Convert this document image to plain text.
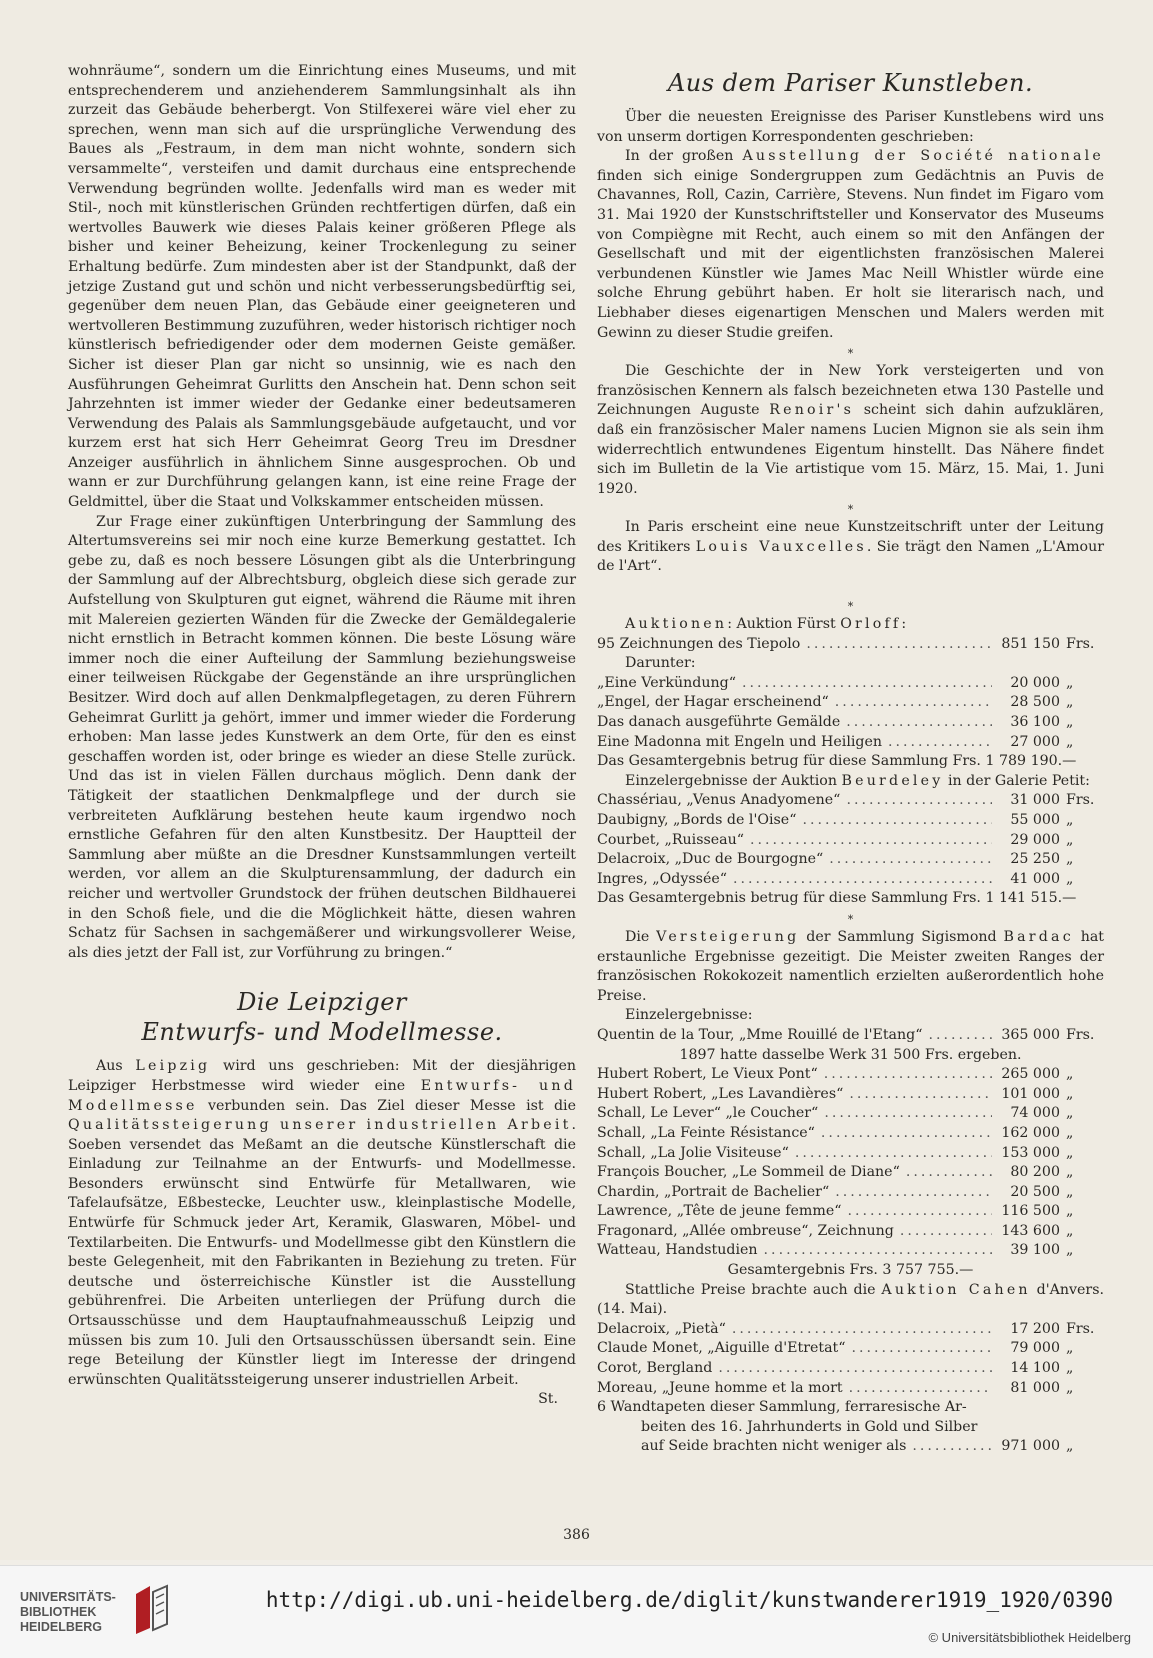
wohnräume“, sondern um die Einrichtung eines Museums, und mit entsprechenderem und anziehenderem Sammlungsinhalt als ihn zurzeit das Gebäude beherbergt. Von Stilfexerei wäre viel eher zu sprechen, wenn man sich auf die ursprüngliche Verwendung des Baues als „Festraum, in dem man nicht wohnte, sondern sich versammelte“, versteifen und damit durchaus eine entsprechende Verwendung begründen wollte. Jedenfalls wird man es weder mit Stil-, noch mit künstlerischen Gründen rechtfertigen dürfen, daß ein wertvolles Bauwerk wie dieses Palais keiner größeren Pflege als bisher und keiner Beheizung, keiner Trockenlegung zu seiner Erhaltung bedürfe. Zum mindesten aber ist der Standpunkt, daß der jetzige Zustand gut und schön und nicht verbesserungsbedürftig sei, gegenüber dem neuen Plan, das Gebäude einer geeigneteren und wertvolleren Bestimmung zuzuführen, weder historisch richtiger noch künstlerisch befriedigender oder dem modernen Geiste gemäßer. Sicher ist dieser Plan gar nicht so unsinnig, wie es nach den Ausführungen Geheimrat Gurlitts den Anschein hat. Denn schon seit Jahrzehnten ist immer wieder der Gedanke einer bedeutsameren Verwendung des Palais als Sammlungsgebäude aufgetaucht, und vor kurzem erst hat sich Herr Geheimrat Georg Treu im Dresdner Anzeiger ausführlich in ähnlichem Sinne ausgesprochen. Ob und wann er zur Durchführung gelangen kann, ist eine reine Frage der Geldmittel, über die Staat und Volkskammer entscheiden müssen.

Zur Frage einer zukünftigen Unterbringung der Sammlung des Altertumsvereins sei mir noch eine kurze Bemerkung gestattet. Ich gebe zu, daß es noch bessere Lösungen gibt als die Unterbringung der Sammlung auf der Albrechtsburg, obgleich diese sich gerade zur Aufstellung von Skulpturen gut eignet, während die Räume mit ihren mit Malereien gezierten Wänden für die Zwecke der Gemäldegalerie nicht ernstlich in Betracht kommen können. Die beste Lösung wäre immer noch die einer Aufteilung der Sammlung beziehungsweise einer teilweisen Rückgabe der Gegenstände an ihre ursprünglichen Besitzer. Wird doch auf allen Denkmalpflegetagen, zu deren Führern Geheimrat Gurlitt ja gehört, immer und immer wieder die Forderung erhoben: Man lasse jedes Kunstwerk an dem Orte, für den es einst geschaffen worden ist, oder bringe es wieder an diese Stelle zurück. Und das ist in vielen Fällen durchaus möglich. Denn dank der Tätigkeit der staatlichen Denkmalpflege und der durch sie verbreiteten Aufklärung bestehen heute kaum irgendwo noch ernstliche Gefahren für den alten Kunstbesitz. Der Hauptteil der Sammlung aber müßte an die Dresdner Kunstsammlungen verteilt werden, vor allem an die Skulpturensammlung, der dadurch ein reicher und wertvoller Grundstock der frühen deutschen Bildhauerei in den Schoß fiele, und die die Möglichkeit hätte, diesen wahren Schatz für Sachsen in sachgemäßerer und wirkungsvollerer Weise, als dies jetzt der Fall ist, zur Vorführung zu bringen.“

Die Leipziger
Entwurfs- und Modellmesse.

Aus Leipzig wird uns geschrieben: Mit der diesjährigen Leipziger Herbstmesse wird wieder eine Entwurfs- und Modellmesse verbunden sein. Das Ziel dieser Messe ist die Qualitätssteigerung unserer industriellen Arbeit. Soeben versendet das Meßamt an die deutsche Künstlerschaft die Einladung zur Teilnahme an der Entwurfs- und Modellmesse. Besonders erwünscht sind Entwürfe für Metallwaren, wie Tafelaufsätze, Eßbestecke, Leuchter usw., kleinplastische Modelle, Entwürfe für Schmuck jeder Art, Keramik, Glaswaren, Möbel- und Textilarbeiten. Die Entwurfs- und Modellmesse gibt den Künstlern die beste Gelegenheit, mit den Fabrikanten in Beziehung zu treten. Für deutsche und österreichische Künstler ist die Ausstellung gebührenfrei. Die Arbeiten unterliegen der Prüfung durch die Ortsausschüsse und dem Hauptaufnahmeausschuß Leipzig und müssen bis zum 10. Juli den Ortsausschüssen übersandt sein. Eine rege Beteilung der Künstler liegt im Interesse der dringend erwünschten Qualitätssteigerung unserer industriellen Arbeit.

St.
Aus dem Pariser Kunstleben.

Über die neuesten Ereignisse des Pariser Kunstlebens wird uns von unserm dortigen Korrespondenten geschrieben:

In der großen Ausstellung der Société nationale finden sich einige Sondergruppen zum Gedächtnis an Puvis de Chavannes, Roll, Cazin, Carrière, Stevens. Nun findet im Figaro vom 31. Mai 1920 der Kunstschriftsteller und Konservator des Museums von Compiègne mit Recht, auch einem so mit den Anfängen der Gesellschaft und mit der eigentlichsten französischen Malerei verbundenen Künstler wie James Mac Neill Whistler würde eine solche Ehrung gebührt haben. Er holt sie literarisch nach, und Liebhaber dieses eigenartigen Menschen und Malers werden mit Gewinn zu dieser Studie greifen.

*

Die Geschichte der in New York versteigerten und von französischen Kennern als falsch bezeichneten etwa 130 Pastelle und Zeichnungen Auguste Renoir's scheint sich dahin aufzuklären, daß ein französischer Maler namens Lucien Mignon sie als sein ihm widerrechtlich entwundenes Eigentum hinstellt. Das Nähere findet sich im Bulletin de la Vie artistique vom 15. März, 15. Mai, 1. Juni 1920.

*

In Paris erscheint eine neue Kunstzeitschrift unter der Leitung des Kritikers Louis Vauxcelles. Sie trägt den Namen „L'Amour de l'Art“.

*

Auktionen: Auktion Fürst Orloff:

95 Zeichnungen des Tiepolo .....	851 150 Frs.

Darunter:

„Eine Verkündung“ .....	20 000 „
„Engel, der Hagar erscheinend“ .....	28 500 „
Das danach ausgeführte Gemälde .....	36 100 „
Eine Madonna mit Engeln und Heiligen .....	27 000 „
Das Gesamtergebnis betrug für diese Sammlung Frs. 1 789 190.—

Einzelergebnisse der Auktion Beurdeley in der Galerie Petit:

Chassériau, „Venus Anadyomene“ .....	31 000 Frs.
Daubigny, „Bords de l'Oise“ .....	55 000 „
Courbet, „Ruisseau“ .....	29 000 „
Delacroix, „Duc de Bourgogne“ .....	25 250 „
Ingres, „Odyssée“ .....	41 000 „
Das Gesamtergebnis betrug für diese Sammlung Frs. 1 141 515.—
*

Die Versteigerung der Sammlung Sigismond Bardac hat erstaunliche Ergebnisse gezeitigt. Die Meister zweiten Ranges der französischen Rokokozeit namentlich erzielten außerordentlich hohe Preise.

Einzelergebnisse:

Quentin de la Tour, „Mme Rouillé de l'Etang“ .....	365 000 Frs.
1897 hatte dasselbe Werk 31 500 Frs. ergeben.
Hubert Robert, Le Vieux Pont“ .....	265 000 „
Hubert Robert, „Les Lavandières“ .....	101 000 „
Schall, Le Lever“ „le Coucher“ .....	74 000 „
Schall, „La Feinte Résistance“ .....	162 000 „
Schall, „La Jolie Visiteuse“ .....	153 000 „
François Boucher, „Le Sommeil de Diane“ .....	80 200 „
Chardin, „Portrait de Bachelier“ .....	20 500 „
Lawrence, „Tête de jeune femme“ .....	116 500 „
Fragonard, „Allée ombreuse“, Zeichnung .....	143 600 „
Watteau, Handstudien .....	39 100 „
Gesamtergebnis Frs. 3 757 755.—

Stattliche Preise brachte auch die Auktion Cahen d'Anvers. (14. Mai).

Delacroix, „Pietà“ .....	17 200 Frs.
Claude Monet, „Aiguille d'Etretat“ .....	79 000 „
Corot, Bergland .....	14 100 „
Moreau, „Jeune homme et la mort .....	81 000 „
6 Wandtapeten dieser Sammlung, ferraresische Ar-
beiten des 16. Jahrhunderts in Gold und Silber
auf Seide brachten nicht weniger als .....	971 000 „
386
UNIVERSITÄTS-
BIBLIOTHEK
HEIDELBERG
http://digi.ub.uni-heidelberg.de/diglit/kunstwanderer1919_1920/0390
© Universitätsbibliothek Heidelberg
